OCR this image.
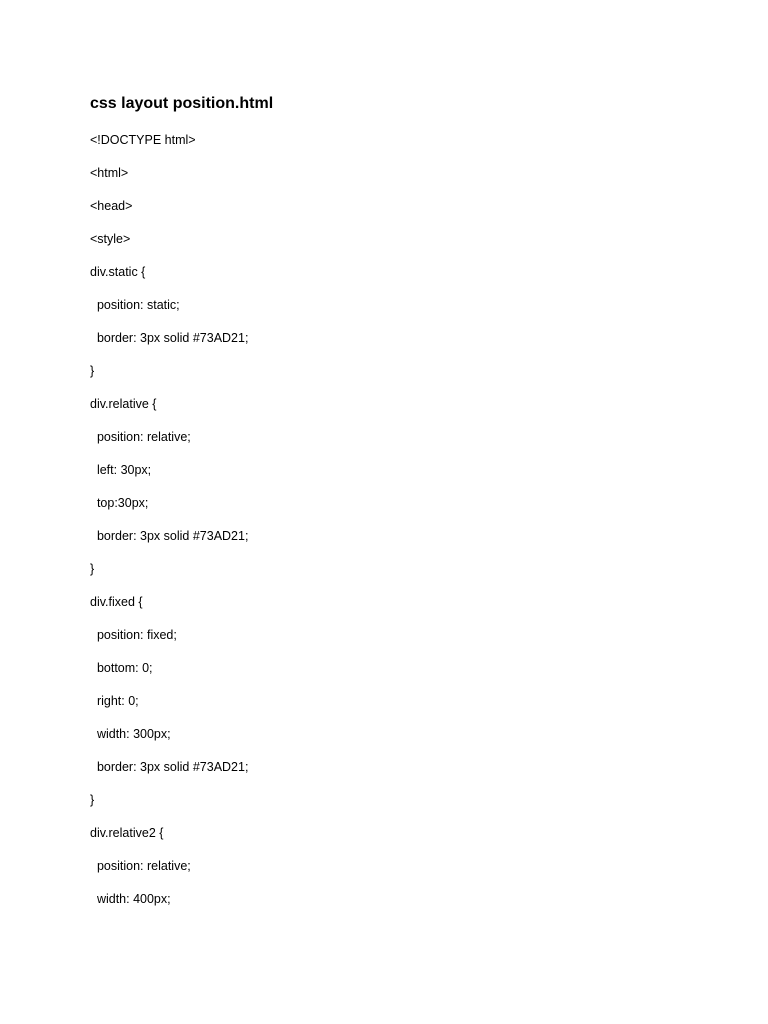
css layout position.html
<!DOCTYPE html>
<html>
<head>
<style>
div.static {
position: static;
border: 3px solid #73AD21;
}
div.relative {
position: relative;
left: 30px;
top:30px;
border: 3px solid #73AD21;
}
div.fixed {
position: fixed;
bottom: 0;
right: 0;
width: 300px;
border: 3px solid #73AD21;
}
div.relative2 {
position: relative;
width: 400px;
